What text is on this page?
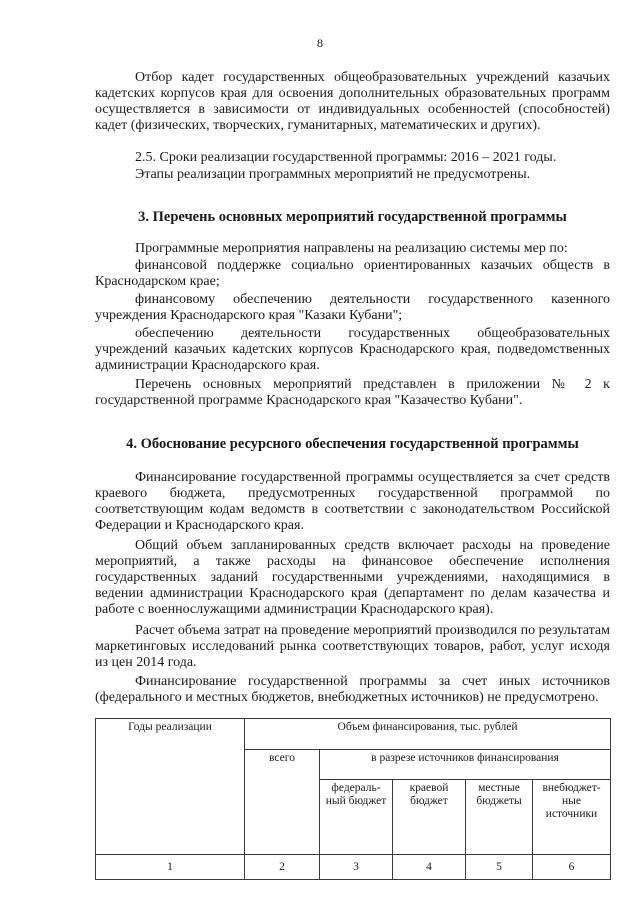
8

Отбор кадет государственных общеобразовательных учреждений казачьих кадетских корпусов края для освоения дополнительных образовательных программ осуществляется в зависимости от индивидуальных особенностей (способностей) кадет (физических, творческих, гуманитарных, математических и других).

2.5. Сроки реализации государственной программы: 2016 – 2021 годы.

Этапы реализации программных мероприятий не предусмотрены.

3. Перечень основных мероприятий государственной программы

Программные мероприятия направлены на реализацию системы мер по:

финансовой поддержке социально ориентированных казачьих обществ в Краснодарском крае;

финансовому обеспечению деятельности государственного казенного учреждения Краснодарского края "Казаки Кубани";

обеспечению деятельности государственных общеобразовательных учреждений казачьих кадетских корпусов Краснодарского края, подведомственных администрации Краснодарского края.

Перечень основных мероприятий представлен в приложении № 2 к государственной программе Краснодарского края "Казачество Кубани".

4. Обоснование ресурсного обеспечения государственной программы

Финансирование государственной программы осуществляется за счет средств краевого бюджета, предусмотренных государственной программой по соответствующим кодам ведомств в соответствии с законодательством Российской Федерации и Краснодарского края.

Общий объем запланированных средств включает расходы на проведение мероприятий, а также расходы на финансовое обеспечение исполнения государственных заданий государственными учреждениями, находящимися в ведении администрации Краснодарского края (департамент по делам казачества и работе с военнослужащими администрации Краснодарского края).

Расчет объема затрат на проведение мероприятий производился по результатам маркетинговых исследований рынка соответствующих товаров, работ, услуг исходя из цен 2014 года.

Финансирование государственной программы за счет иных источников (федерального и местных бюджетов, внебюджетных источников) не предусмотрено.

Годы реализации	Объем финансирования, тыс. рублей				
	всего	в разрезе источников финансирования			
		федераль-ный бюджет	краевой бюджет	местные бюджеты	внебюджет-ные источники
1	2	3	4	5	6
